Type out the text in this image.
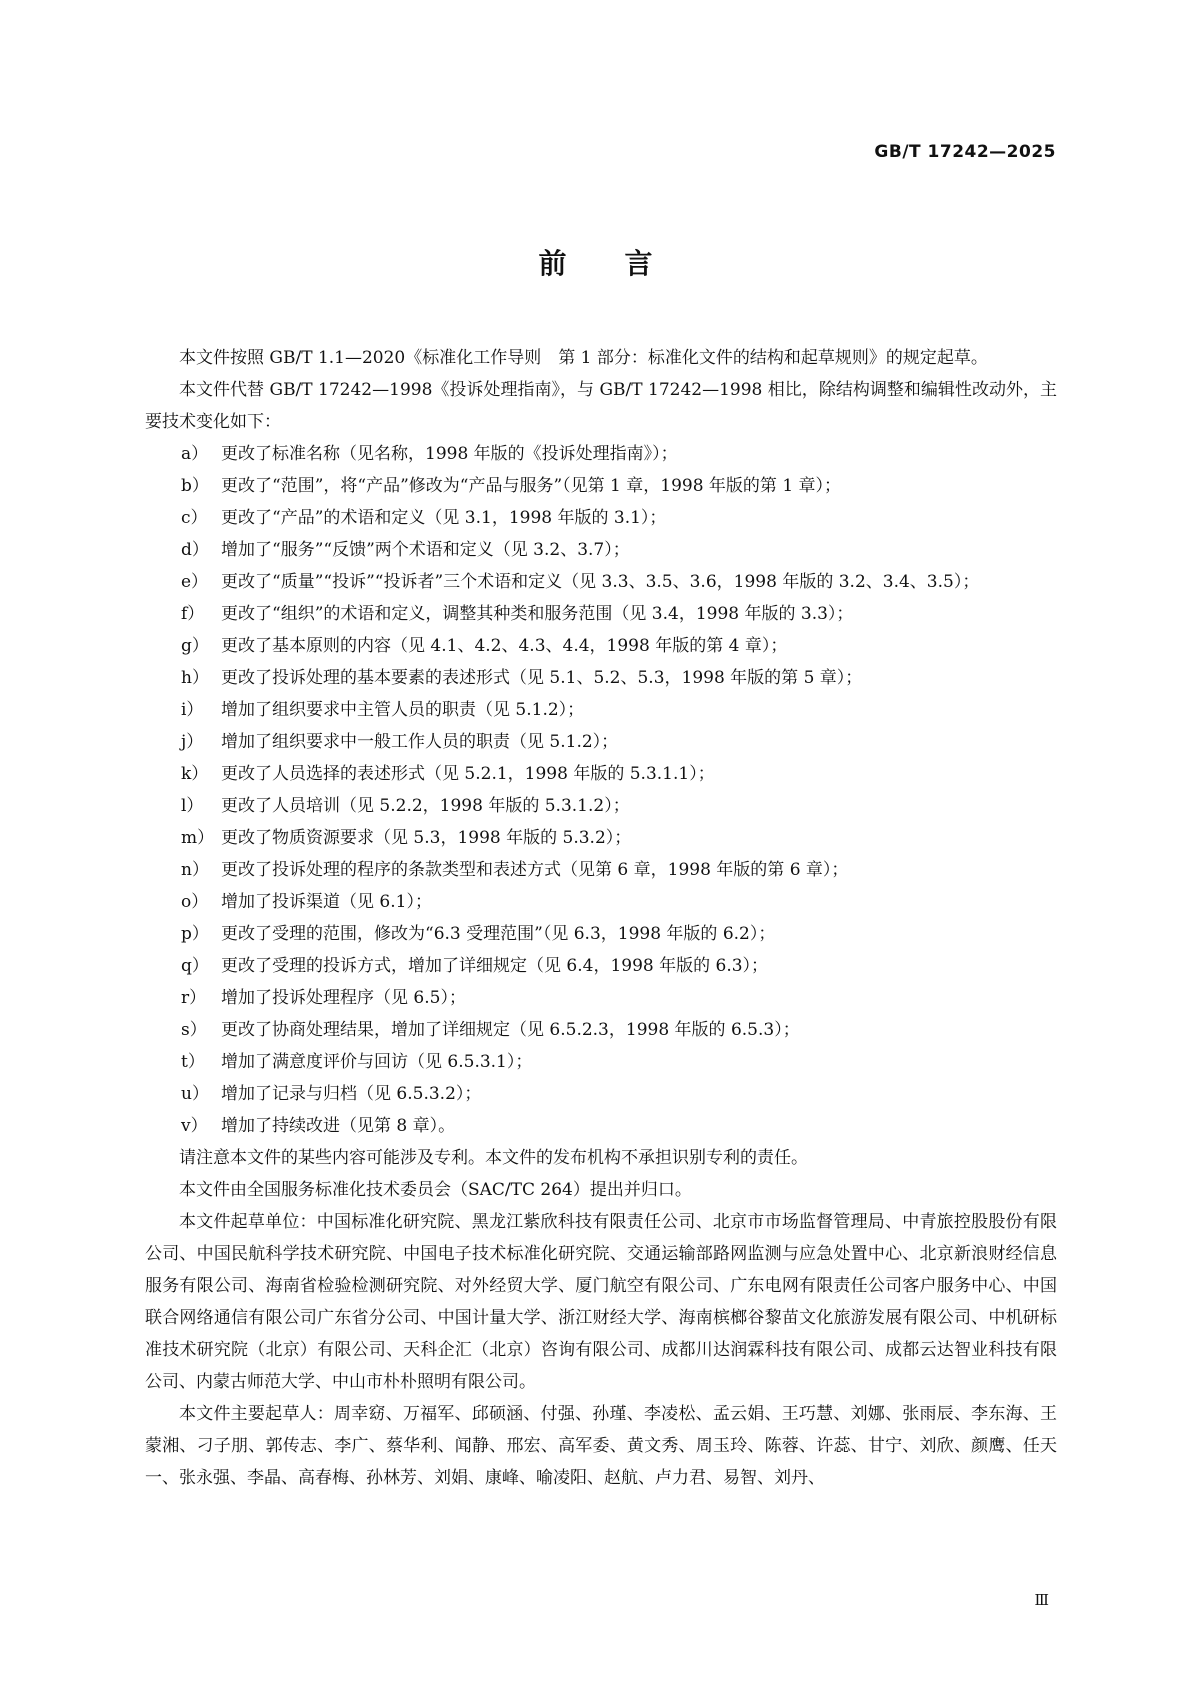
GB/T 17242—2025
前言

本文件按照 GB/T 1.1—2020《标准化工作导则　第 1 部分：标准化文件的结构和起草规则》的规定起草。

本文件代替 GB/T 17242—1998《投诉处理指南》，与 GB/T 17242—1998 相比，除结构调整和编辑性改动外，主要技术变化如下：

a） 更改了标准名称（见名称，1998 年版的《投诉处理指南》）；
b） 更改了“范围”，将“产品”修改为“产品与服务”（见第 1 章，1998 年版的第 1 章）；
c） 更改了“产品”的术语和定义（见 3.1，1998 年版的 3.1）；
d） 增加了“服务”“反馈”两个术语和定义（见 3.2、3.7）；
e） 更改了“质量”“投诉”“投诉者”三个术语和定义（见 3.3、3.5、3.6，1998 年版的 3.2、3.4、3.5）；
f） 更改了“组织”的术语和定义，调整其种类和服务范围（见 3.4，1998 年版的 3.3）；
g） 更改了基本原则的内容（见 4.1、4.2、4.3、4.4，1998 年版的第 4 章）；
h） 更改了投诉处理的基本要素的表述形式（见 5.1、5.2、5.3，1998 年版的第 5 章）；
i）	增加了组织要求中主管人员的职责（见 5.1.2）；
j）	增加了组织要求中一般工作人员的职责（见 5.1.2）；
k） 更改了人员选择的表述形式（见 5.2.1，1998 年版的 5.3.1.1）；
l）	更改了人员培训（见 5.2.2，1998 年版的 5.3.1.2）；
m） 更改了物质资源要求（见 5.3，1998 年版的 5.3.2）；
n） 更改了投诉处理的程序的条款类型和表述方式（见第 6 章，1998 年版的第 6 章）；
o） 增加了投诉渠道（见 6.1）；
p） 更改了受理的范围，修改为“6.3 受理范围”（见 6.3，1998 年版的 6.2）；
q） 更改了受理的投诉方式，增加了详细规定（见 6.4，1998 年版的 6.3）；
r） 增加了投诉处理程序（见 6.5）；
s） 更改了协商处理结果，增加了详细规定（见 6.5.2.3，1998 年版的 6.5.3）；
t） 增加了满意度评价与回访（见 6.5.3.1）；
u） 增加了记录与归档（见 6.5.3.2）；
v） 增加了持续改进（见第 8 章）。

请注意本文件的某些内容可能涉及专利。本文件的发布机构不承担识别专利的责任。

本文件由全国服务标准化技术委员会（SAC/TC 264）提出并归口。

本文件起草单位：中国标准化研究院、黑龙江紫欣科技有限责任公司、北京市市场监督管理局、中青旅控股股份有限公司、中国民航科学技术研究院、中国电子技术标准化研究院、交通运输部路网监测与应急处置中心、北京新浪财经信息服务有限公司、海南省检验检测研究院、对外经贸大学、厦门航空有限公司、广东电网有限责任公司客户服务中心、中国联合网络通信有限公司广东省分公司、中国计量大学、浙江财经大学、海南槟榔谷黎苗文化旅游发展有限公司、中机研标准技术研究院（北京）有限公司、天科企汇（北京）咨询有限公司、成都川达润霖科技有限公司、成都云达智业科技有限公司、内蒙古师范大学、中山市朴朴照明有限公司。

本文件主要起草人：周幸窈、万福军、邱硕涵、付强、孙瑾、李凌松、孟云娟、王巧慧、刘娜、张雨辰、李东海、王蒙湘、刁子朋、郭传志、李广、蔡华利、闻静、邢宏、高军委、黄文秀、周玉玲、陈蓉、许蕊、甘宁、刘欣、颜鹰、任天一、张永强、李晶、高春梅、孙林芳、刘娟、康峰、喻凌阳、赵航、卢力君、易智、刘丹、

Ⅲ
